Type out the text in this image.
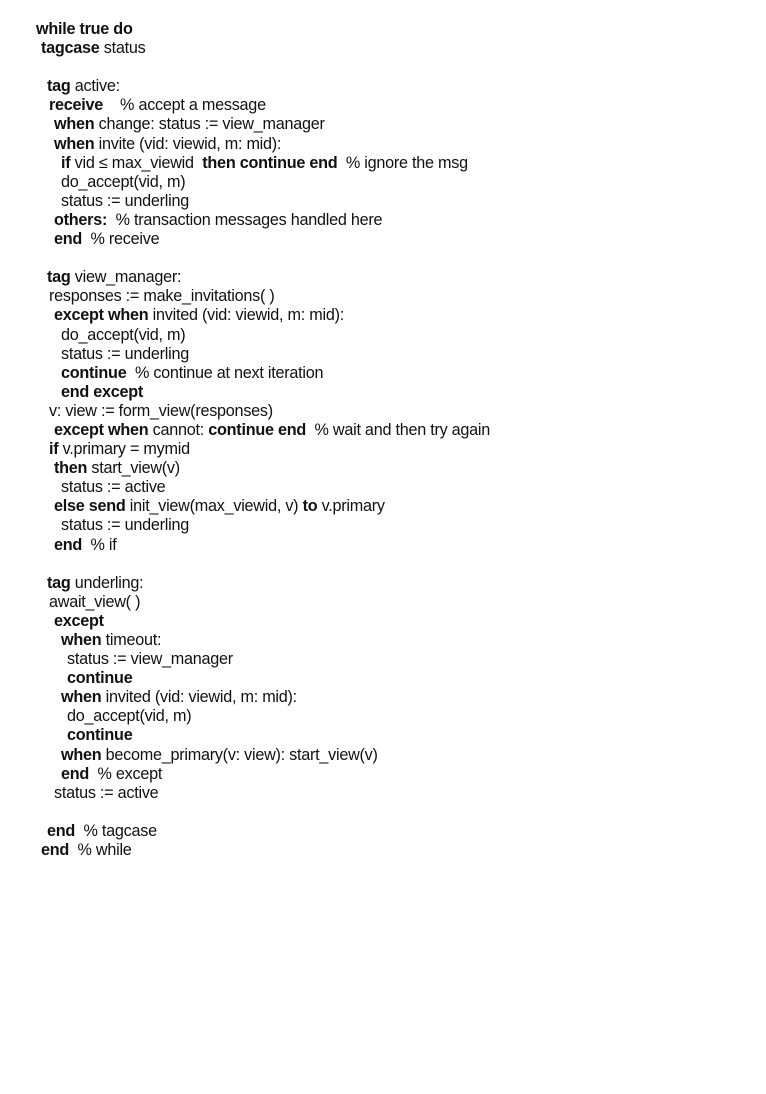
while true do
tagcase status
tag active:
receive    % accept a message
when change: status := view_manager
when invite (vid: viewid, m: mid):
if vid ≤ max_viewid  then continue end  % ignore the msg
do_accept(vid, m)
status := underling
others:  % transaction messages handled here
end  % receive
tag view_manager:
responses := make_invitations( )
except when invited (vid: viewid, m: mid):
do_accept(vid, m)
status := underling
continue  % continue at next iteration
end except
v: view := form_view(responses)
except when cannot: continue end  % wait and then try again
if v.primary = mymid
then start_view(v)
status := active
else send init_view(max_viewid, v) to v.primary
status := underling
end  % if
tag underling:
await_view( )
except
when timeout:
status := view_manager
continue
when invited (vid: viewid, m: mid):
do_accept(vid, m)
continue
when become_primary(v: view): start_view(v)
end  % except
status := active
end  % tagcase
end  % while
